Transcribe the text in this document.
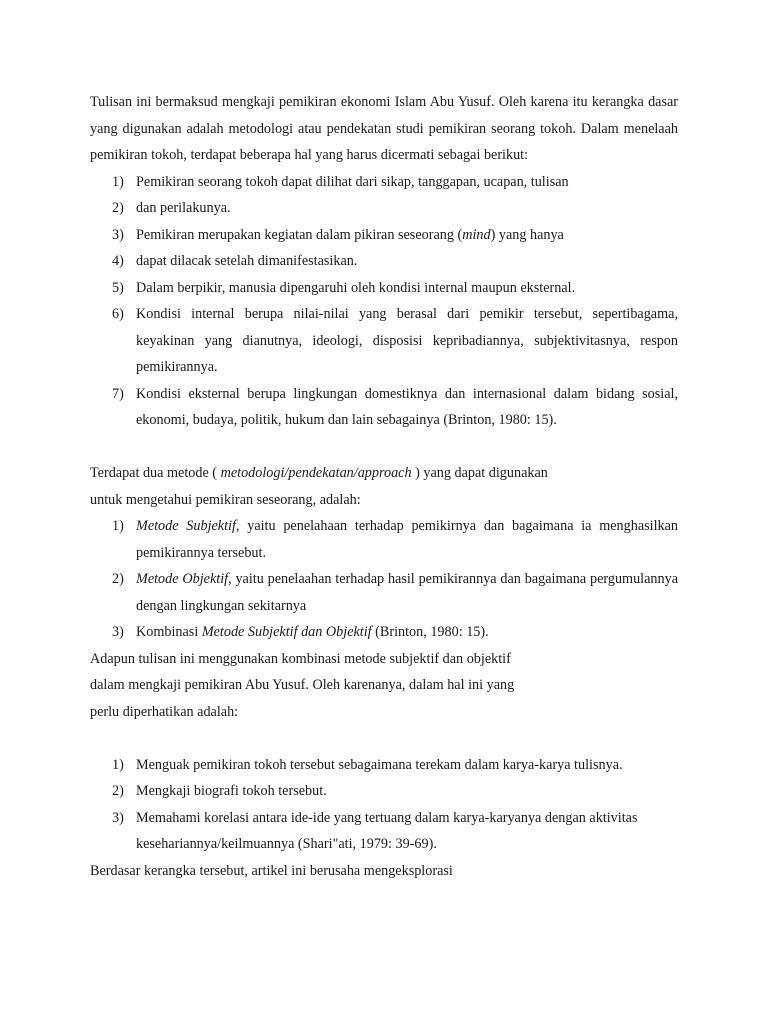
Tulisan ini bermaksud mengkaji pemikiran ekonomi Islam Abu Yusuf. Oleh karena itu kerangka dasar yang digunakan adalah metodologi atau pendekatan studi pemikiran seorang tokoh. Dalam menelaah pemikiran tokoh, terdapat beberapa hal yang harus dicermati sebagai berikut:

1) Pemikiran seorang tokoh dapat dilihat dari sikap, tanggapan, ucapan, tulisan
2) dan perilakunya.
3) Pemikiran merupakan kegiatan dalam pikiran seseorang (mind) yang hanya
4) dapat dilacak setelah dimanifestasikan.
5) Dalam berpikir, manusia dipengaruhi oleh kondisi internal maupun eksternal.
6) Kondisi internal berupa nilai-nilai yang berasal dari pemikir tersebut, sepertibagama, keyakinan yang dianutnya, ideologi, disposisi kepribadiannya, subjektivitasnya, respon pemikirannya.
7) Kondisi eksternal berupa lingkungan domestiknya dan internasional dalam bidang sosial, ekonomi, budaya, politik, hukum dan lain sebagainya (Brinton, 1980: 15).

Terdapat dua metode ( metodologi/pendekatan/approach ) yang dapat digunakan

untuk mengetahui pemikiran seseorang, adalah:

1) Metode Subjektif, yaitu penelahaan terhadap pemikirnya dan bagaimana ia menghasilkan pemikirannya tersebut.
2) Metode Objektif, yaitu penelaahan terhadap hasil pemikirannya dan bagaimana pergumulannya dengan lingkungan sekitarnya
3) Kombinasi Metode Subjektif dan Objektif (Brinton, 1980: 15).

Adapun tulisan ini menggunakan kombinasi metode subjektif dan objektif

dalam mengkaji pemikiran Abu Yusuf. Oleh karenanya, dalam hal ini yang

perlu diperhatikan adalah:

1) Menguak pemikiran tokoh tersebut sebagaimana terekam dalam karya-karya tulisnya.
2) Mengkaji biografi tokoh tersebut.
3) Memahami korelasi antara ide-ide yang tertuang dalam karya-karyanya dengan aktivitas kesehariannya/keilmuannya (Shari"ati, 1979: 39-69).

Berdasar kerangka tersebut, artikel ini berusaha mengeksplorasi
